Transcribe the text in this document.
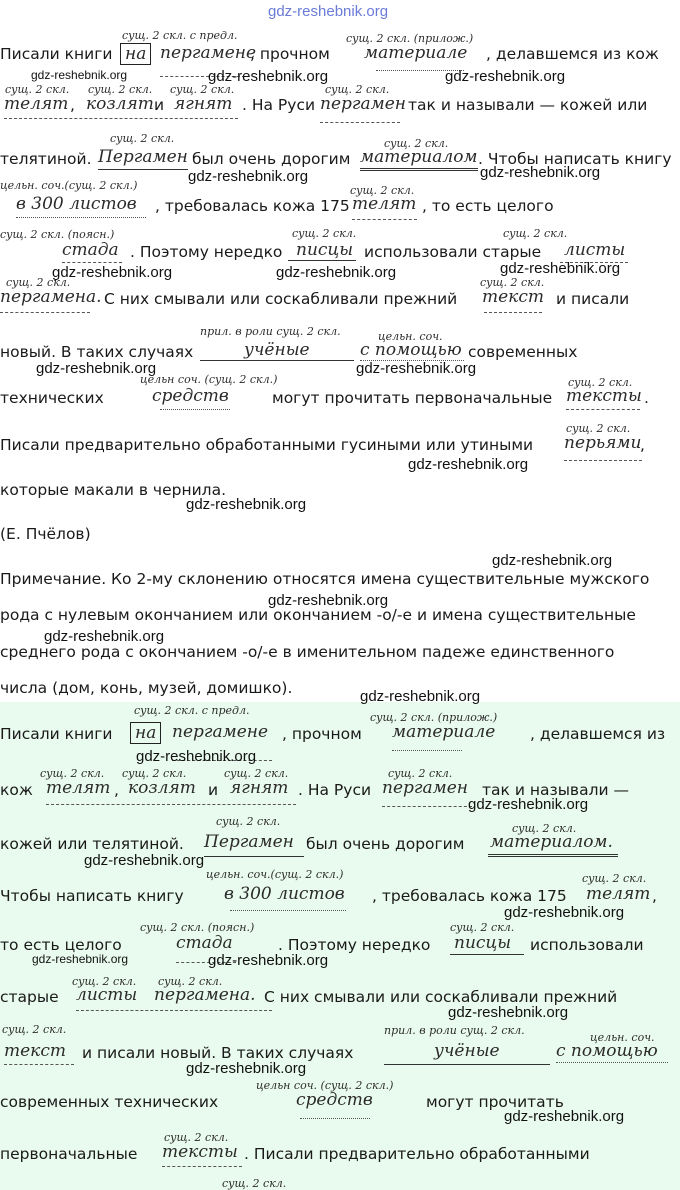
gdz-reshebnik.org
сущ. 2 скл. с предл.	сущ. 2 скл. (прилож.)
Писали книги на пергамене
, прочном материале , делавшемся из кож
gdz-reshebnik.org	gdz-reshebnik.org	gdz-reshebnik.org
сущ. 2 скл. сущ. 2 скл. сущ. 2 скл.	сущ. 2 скл.
телят , козлят и ягнят . На Руси пергамен так и называли — кожей или
сущ. 2 скл.	сущ. 2 скл.
телятиной. Пергамен был очень дорогим материалом . Чтобы написать книгу
gdz-reshebnik.org	gdz-reshebnik.org
цельн. соч.(сущ. 2 скл.)	сущ. 2 скл.
в 300 листов , требовалась кожа 175 телят , то есть целого
сущ. 2 скл. (поясн.)	сущ. 2 скл.	сущ. 2 скл.
стада . Поэтому нередко писцы использовали старые листы
gdz-reshebnik.org	gdz-reshebnik.org	gdz-reshebnik.org
сущ. 2 скл.	сущ. 2 скл.
пергамена. С них смывали или соскабливали прежний текст и писали
прил. в роли сущ. 2 скл.	цельн. соч.
новый. В таких случаях	учёные	с помощью современных
gdz-reshebnik.org	gdz-reshebnik.org
цельн соч. (сущ. 2 скл.)	сущ. 2 скл.
технических	средств	могут прочитать первоначальные тексты .
сущ. 2 скл.
Писали предварительно обработанными гусиными или утиными перьями
,
gdz-reshebnik.org
которые макали в чернила.
gdz-reshebnik.org
(Е. Пчёлов)
gdz-reshebnik.org
Примечание. Ко 2-му склонению относятся имена существительные мужского
gdz-reshebnik.org
рода с нулевым окончанием или окончанием -о/-е и имена существительные
gdz-reshebnik.org
среднего рода с окончанием -о/-е в именительном падеже единственного
числа (дом, конь, музей, домишко).	gdz-reshebnik.org
сущ. 2 скл. с предл.
сущ. 2 скл. (прилож.)
Писали книги на пергамене , прочном материале , делавшемся из
gdz-reshebnik.org
сущ. 2 скл. сущ. 2 скл.	сущ. 2 скл.	сущ. 2 скл.
кож телят , козлят и ягнят . На Руси пергамен так и называли —
gdz-reshebnik.org
сущ. 2 скл.
сущ. 2 скл.
кожей или телятиной. Пергамен был очень дорогим материалом.
gdz-reshebnik.org
цельн. соч.(сущ. 2 скл.)	сущ. 2 скл.
Чтобы написать книгу в 300 листов , требовалась кожа 175 телят ,
gdz-reshebnik.org
сущ. 2 скл. (поясн.)	сущ. 2 скл.
то есть целого	стада	. Поэтому нередко писцы использовали
gdz-reshebnik.org	gdz-reshebnik.org
сущ. 2 скл. сущ. 2 скл.
старые листы пергамена. С них смывали или соскабливали прежний
gdz-reshebnik.org
сущ. 2 скл.	прил. в роли сущ. 2 скл.
цельн. соч.
текст и писали новый. В таких случаях	учёные	с помощью
gdz-reshebnik.org
цельн соч. (сущ. 2 скл.)
современных технических	средств	могут прочитать
gdz-reshebnik.org
сущ. 2 скл.
первоначальные тексты . Писали предварительно обработанными
сущ. 2 скл.
